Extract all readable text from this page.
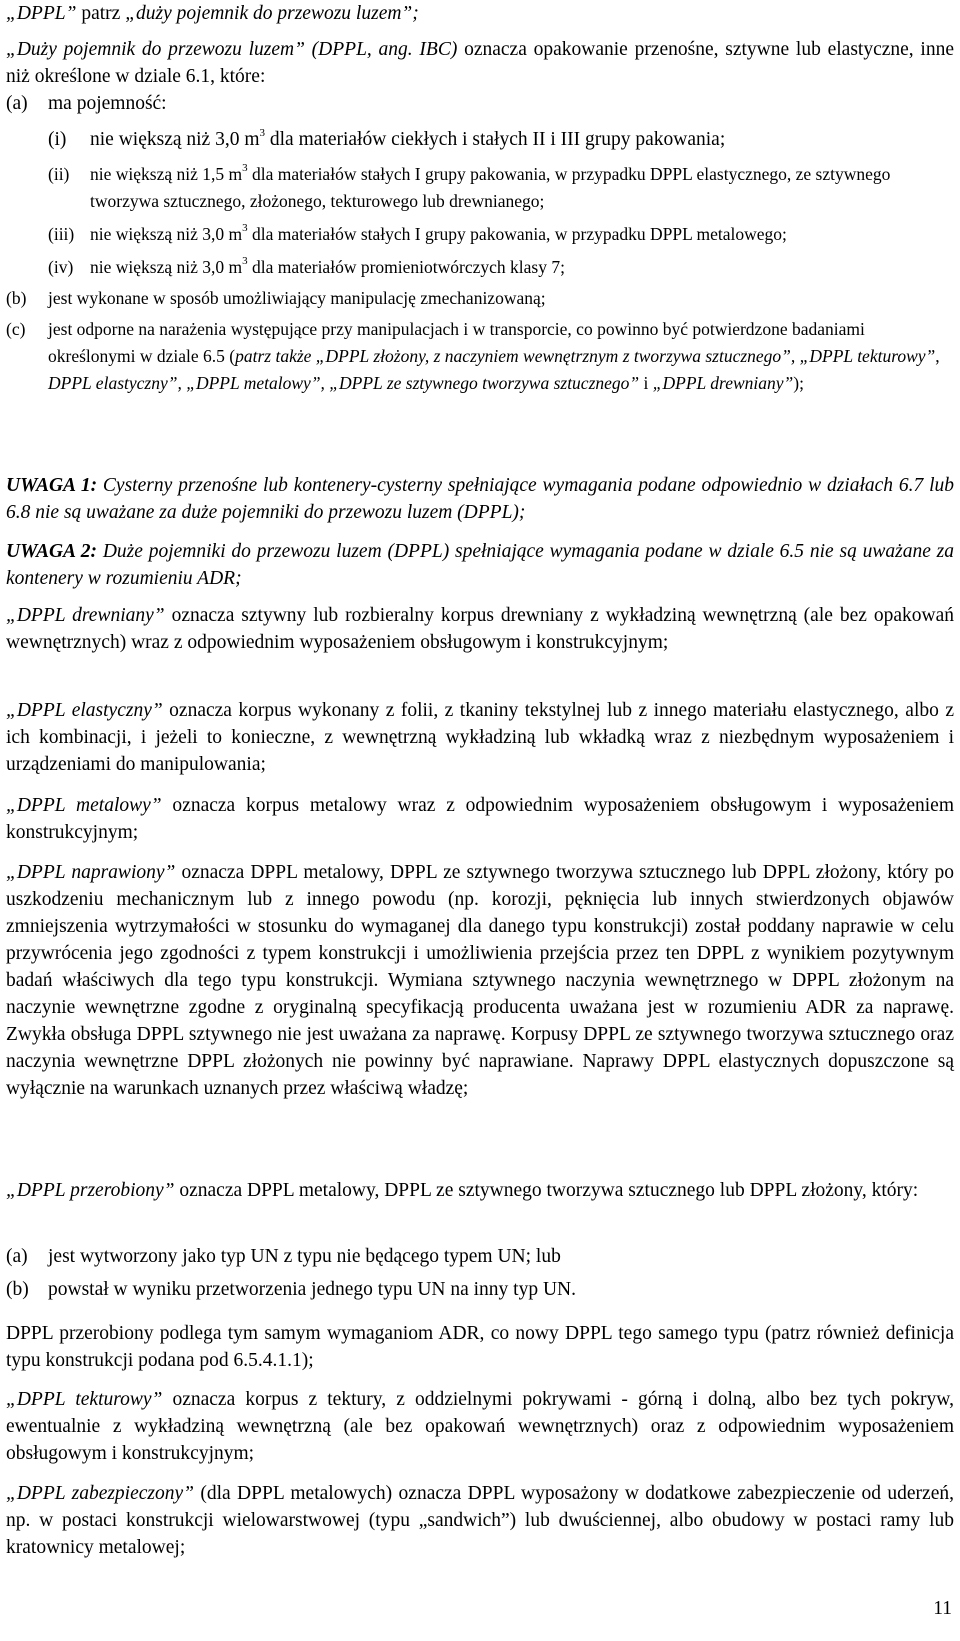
„DPPL” patrz „duży pojemnik do przewozu luzem”;

„Duży pojemnik do przewozu luzem” (DPPL, ang. IBC) oznacza opakowanie przenośne, sztywne lub elastyczne, inne niż określone w dziale 6.1, które:

(a)	ma pojemność:
(i)	nie większą niż 3,0 $m^3$ dla materiałów ciekłych i stałych II i III grupy pakowania;
(ii)	nie większą niż 1,5 $m^3$ dla materiałów stałych I grupy pakowania, w przypadku DPPL elastycznego, ze sztywnego tworzywa sztucznego, złożonego, tekturowego lub drewnianego;
(iii) nie większą niż 3,0 $m^3$ dla materiałów stałych I grupy pakowania, w przypadku DPPL metalowego;
(iv) nie większą niż 3,0 $m^3$ dla materiałów promieniotwórczych klasy 7;
(b)	jest wykonane w sposób umożliwiający manipulację zmechanizowaną;
(c)	jest odporne na narażenia występujące przy manipulacjach i w transporcie, co powinno być potwierdzone badaniami określonymi w dziale 6.5 (patrz także „DPPL złożony, z naczyniem wewnętrznym z tworzywa sztucznego”, „DPPL tekturowy”, DPPL elastyczny”, „DPPL metalowy”, „DPPL ze sztywnego tworzywa sztucznego” i „DPPL drewniany”);

UWAGA 1: Cysterny przenośne lub kontenery-cysterny spełniające wymagania podane odpowiednio w działach 6.7 lub 6.8 nie są uważane za duże pojemniki do przewozu luzem (DPPL);

UWAGA 2: Duże pojemniki do przewozu luzem (DPPL) spełniające wymagania podane w dziale 6.5 nie są uważane za kontenery w rozumieniu ADR;

„DPPL drewniany” oznacza sztywny lub rozbieralny korpus drewniany z wykładziną wewnętrzną (ale bez opakowań wewnętrznych) wraz z odpowiednim wyposażeniem obsługowym i konstrukcyjnym;

„DPPL elastyczny” oznacza korpus wykonany z folii, z tkaniny tekstylnej lub z innego materiału elastycznego, albo z ich kombinacji, i jeżeli to konieczne, z wewnętrzną wykładziną lub wkładką wraz z niezbędnym wyposażeniem i urządzeniami do manipulowania;

„DPPL metalowy” oznacza korpus metalowy wraz z odpowiednim wyposażeniem obsługowym i wyposażeniem konstrukcyjnym;

„DPPL naprawiony” oznacza DPPL metalowy, DPPL ze sztywnego tworzywa sztucznego lub DPPL złożony, który po uszkodzeniu mechanicznym lub z innego powodu (np. korozji, pęknięcia lub innych stwierdzonych objawów zmniejszenia wytrzymałości w stosunku do wymaganej dla danego typu konstrukcji) został poddany naprawie w celu przywrócenia jego zgodności z typem konstrukcji i umożliwienia przejścia przez ten DPPL z wynikiem pozytywnym badań właściwych dla tego typu konstrukcji. Wymiana sztywnego naczynia wewnętrznego w DPPL złożonym na naczynie wewnętrzne zgodne z oryginalną specyfikacją producenta uważana jest w rozumieniu ADR za naprawę. Zwykła obsługa DPPL sztywnego nie jest uważana za naprawę. Korpusy DPPL ze sztywnego tworzywa sztucznego oraz naczynia wewnętrzne DPPL złożonych nie powinny być naprawiane. Naprawy DPPL elastycznych dopuszczone są wyłącznie na warunkach uznanych przez właściwą władzę;

„DPPL przerobiony” oznacza DPPL metalowy, DPPL ze sztywnego tworzywa sztucznego lub DPPL złożony, który:

(a)	jest wytworzony jako typ UN z typu nie będącego typem UN; lub
(b) powstał w wyniku przetworzenia jednego typu UN na inny typ UN.

DPPL przerobiony podlega tym samym wymaganiom ADR, co nowy DPPL tego samego typu (patrz również definicja typu konstrukcji podana pod 6.5.4.1.1);

„DPPL tekturowy” oznacza korpus z tektury, z oddzielnymi pokrywami - górną i dolną, albo bez tych pokryw, ewentualnie z wykładziną wewnętrzną (ale bez opakowań wewnętrznych) oraz z odpowiednim wyposażeniem obsługowym i konstrukcyjnym;

„DPPL zabezpieczony” (dla DPPL metalowych) oznacza DPPL wyposażony w dodatkowe zabezpieczenie od uderzeń, np. w postaci konstrukcji wielowarstwowej (typu „sandwich”) lub dwuściennej, albo obudowy w postaci ramy lub kratownicy metalowej;

11
